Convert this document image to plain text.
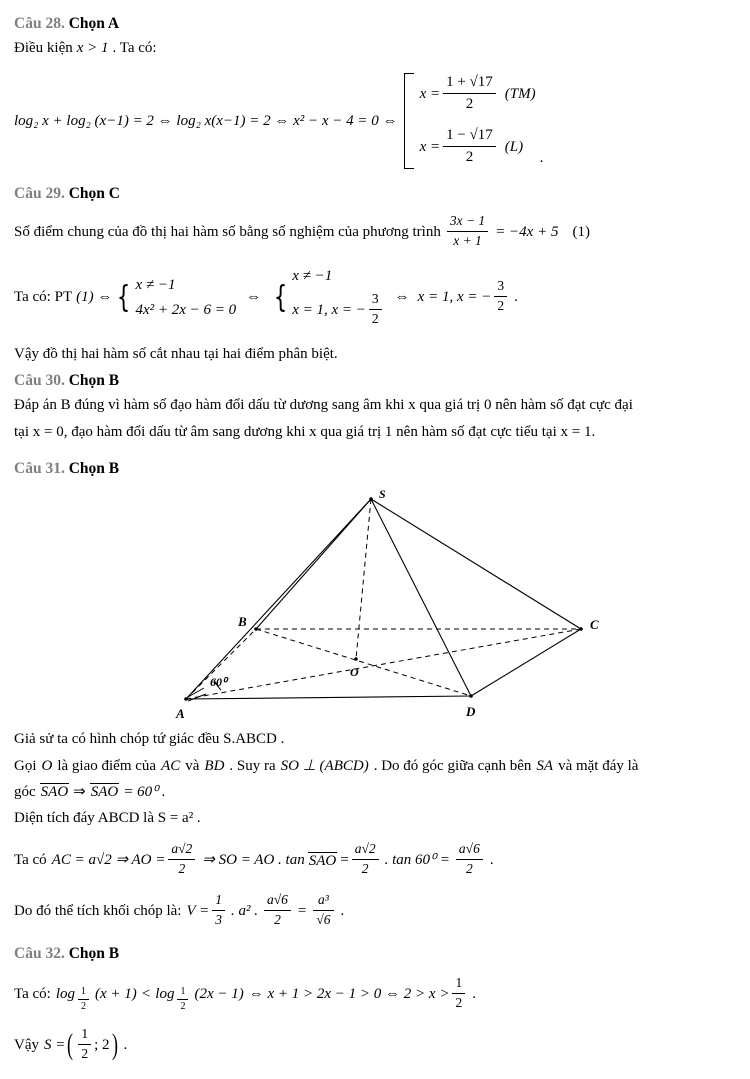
Câu 28. Chọn A
Điều kiện x > 1 . Ta có:
log₂ x + log₂ (x−1) = 2 ⇔ log₂ x(x−1) = 2 ⇔ x² − x − 4 = 0 ⇔
$x = \frac{1 + √17}{2} (TM)$
$x = \frac{1 - √17}{2} (L)$
.
Câu 29. Chọn C
Số điểm chung của đồ thị hai hàm số bằng số nghiệm của phương trình $\frac{3x - 1}{x + 1} = -4x + 5$ (1)
Ta có: PT (1) ⇔ { x ≠ −1
4x² + 2x − 6 = 0
⇔ {
x ≠ −1
x = 1, x = − $\frac{3}{2}$ ⇔ x = 1, x = − $\frac{3}{2}$ .
Vậy đồ thị hai hàm số cắt nhau tại hai điểm phân biệt.
Câu 30. Chọn B
Đáp án B đúng vì hàm số đạo hàm đổi dấu từ dương sang âm khi x qua giá trị 0 nên hàm số đạt cực đại
tại x = 0, đạo hàm đổi dấu từ âm sang dương khi x qua giá trị 1 nên hàm số đạt cực tiểu tại x = 1.
Câu 31. Chọn B
S
A
B	C
D
O
60⁰
Giả sử ta có hình chóp tứ giác đều S.ABCD .
Gọi O là giao điểm của AC và BD . Suy ra SO ⊥ (ABCD) . Do đó góc giữa cạnh bên SA và mặt đáy là
góc SAO ⇒ SAO = 60⁰ .
Diện tích đáy ABCD là S = a² .
Ta có AC = a√2 ⇒ AO = $\frac{a√2}{2}$ ⇒ SO = AO . tan SAO = $\frac{a√2}{2}$ . $\tan 60^0 = \frac{a√6}{2}$ .
Do đó thể tích khối chóp là: $V = \frac{1}{3}$ . a² . $\frac{a√6}{2} = \frac{\text{a³}}{√6}$ .
Câu 32. Chọn B
Ta có: $\log \frac{1}{2} (x + 1) < \log \frac{1}{2} (2x - 1)$ ⇔ x + 1 > 2x − 1 > 0 ⇔ $2 > x > \frac{1}{2}$ .
Vậy S = ( $\frac{1}{2}$ ; 2 ) .
